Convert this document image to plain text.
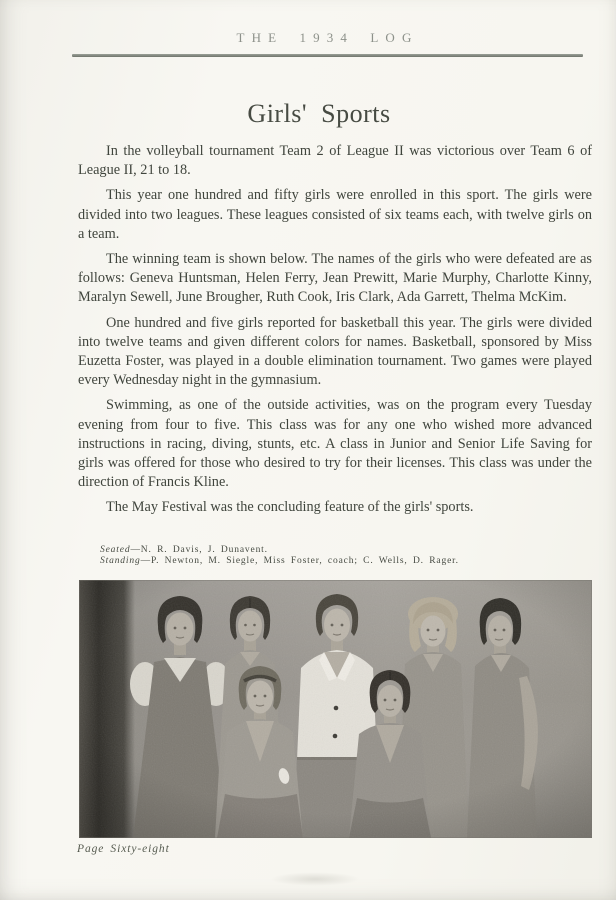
THE 1934 LOG
Girls' Sports

In the volleyball tournament Team 2 of League II was victorious over Team 6 of League II, 21 to 18.

This year one hundred and fifty girls were enrolled in this sport. The girls were divided into two leagues. These leagues consisted of six teams each, with twelve girls on a team.

The winning team is shown below. The names of the girls who were defeated are as follows: Geneva Huntsman, Helen Ferry, Jean Prewitt, Marie Murphy, Charlotte Kinny, Maralyn Sewell, June Brougher, Ruth Cook, Iris Clark, Ada Garrett, Thelma McKim.

One hundred and five girls reported for basketball this year. The girls were divided into twelve teams and given different colors for names. Basketball, sponsored by Miss Euzetta Foster, was played in a double elimination tournament. Two games were played every Wednesday night in the gymnasium.

Swimming, as one of the outside activities, was on the program every Tuesday evening from four to five. This class was for any one who wished more advanced instructions in racing, diving, stunts, etc. A class in Junior and Senior Life Saving for girls was offered for those who desired to try for their licenses. This class was under the direction of Francis Kline.

The May Festival was the concluding feature of the girls' sports.

Seated—N. R. Davis, J. Dunavent.
Standing—P. Newton, M. Siegle, Miss Foster, coach; C. Wells, D. Rager.
Page Sixty-eight
